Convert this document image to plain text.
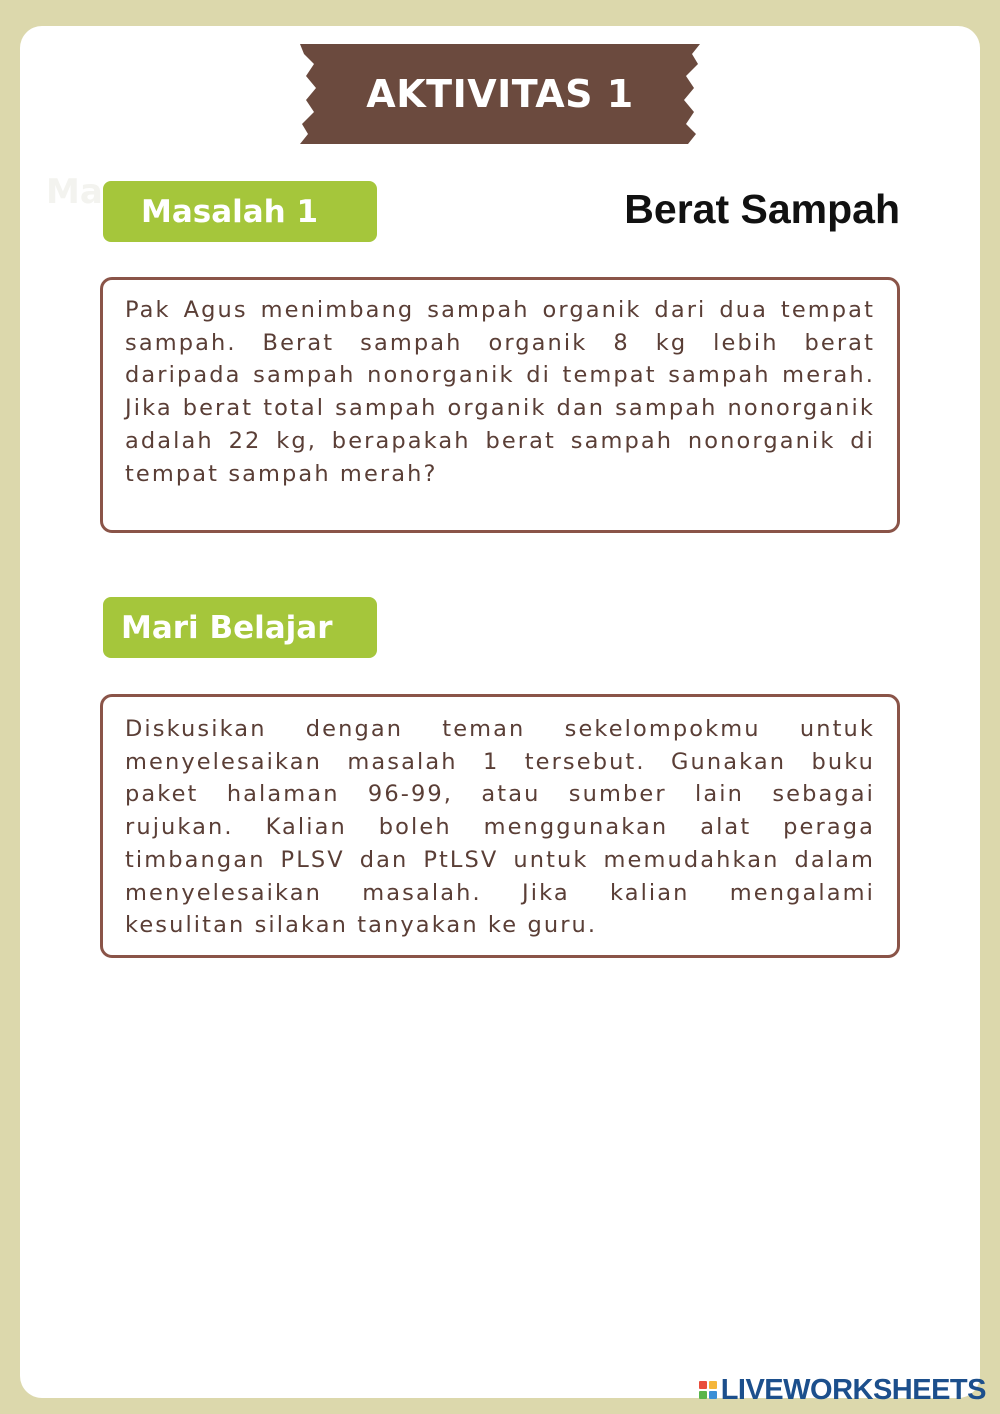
AKTIVITAS 1
Ma Masalah 1	Berat Sampah
Pak Agus menimbang sampah organik dari dua tempat sampah. Berat sampah organik 8 kg lebih berat daripada sampah nonorganik di tempat sampah merah. Jika berat total sampah organik dan sampah nonorganik adalah 22 kg, berapakah berat sampah nonorganik di tempat sampah merah?
Mari Belajar
Diskusikan dengan teman sekelompokmu untuk menyelesaikan masalah 1 tersebut. Gunakan buku paket halaman 96-99, atau sumber lain sebagai rujukan. Kalian boleh menggunakan alat peraga timbangan PLSV dan PtLSV untuk memudahkan dalam menyelesaikan masalah. Jika kalian mengalami kesulitan silakan tanyakan ke guru.
LIVEWORKSHEETS
